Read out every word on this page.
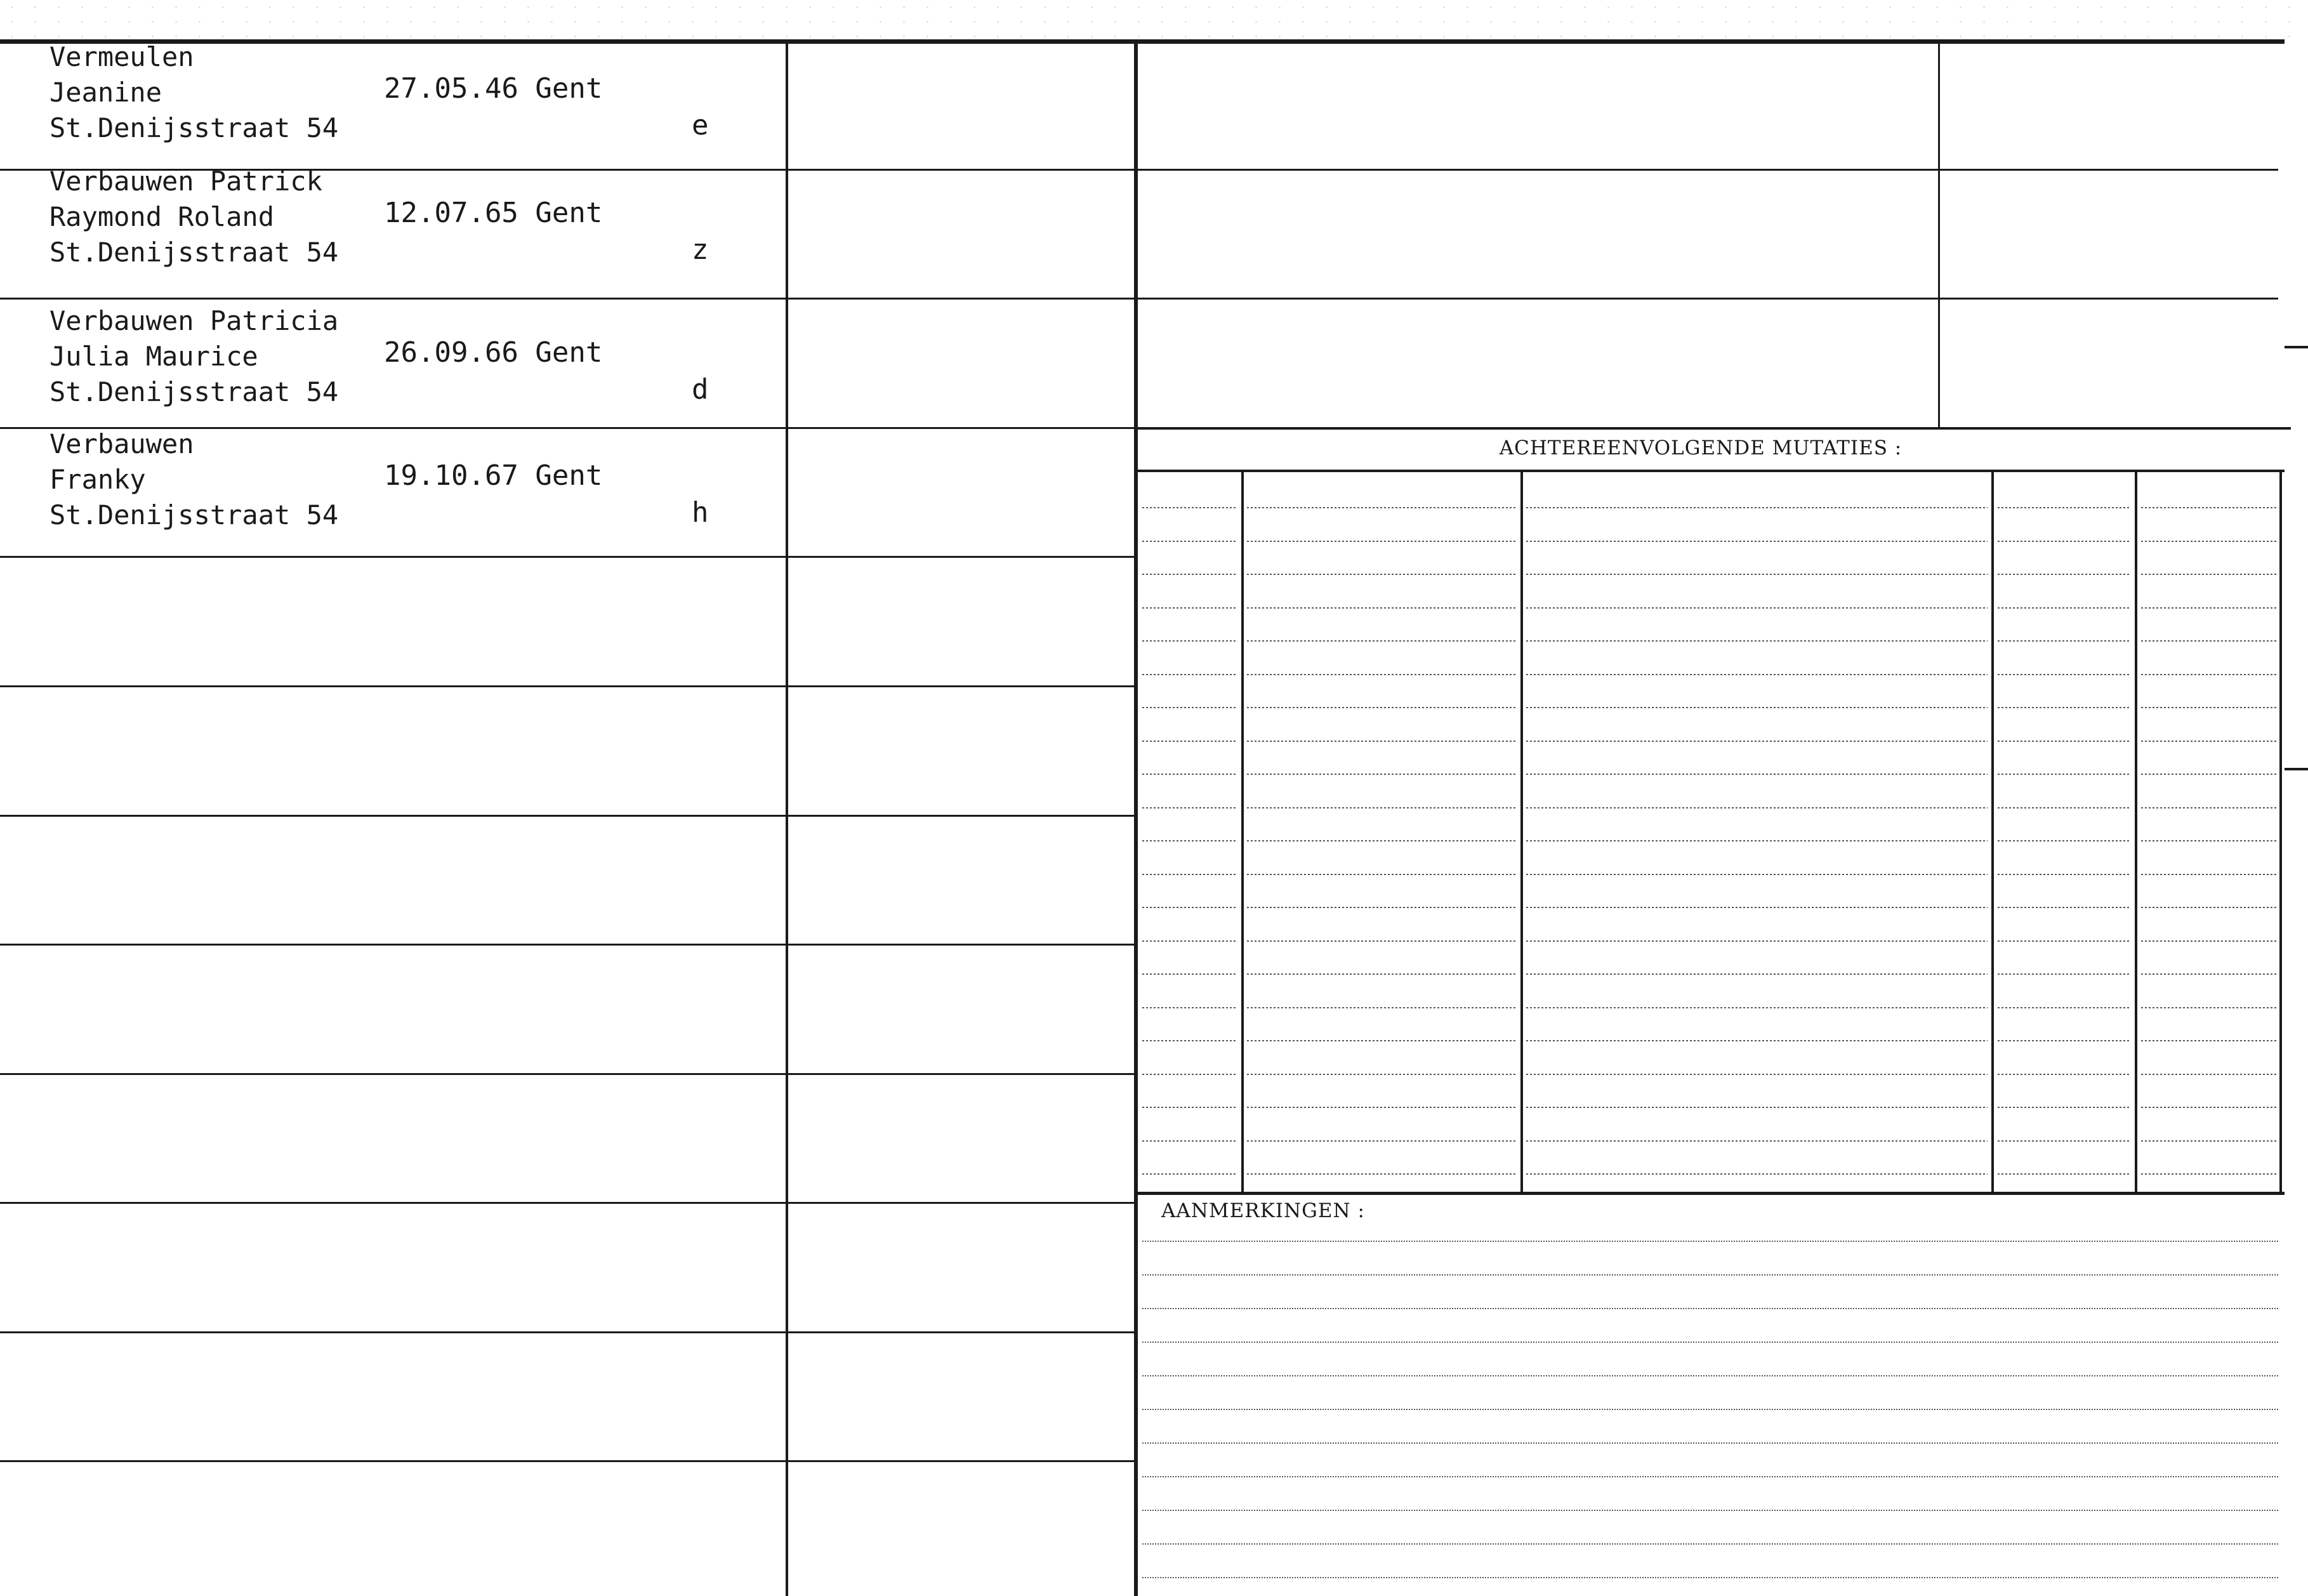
Vermeulen
Jeanine
St.Denijsstraat 54
27.05.46 Gent
e
Verbauwen Patrick
Raymond Roland
St.Denijsstraat 54
12.07.65 Gent
z
Verbauwen Patricia
Julia Maurice
St.Denijsstraat 54
26.09.66 Gent
d
Verbauwen
Franky
St.Denijsstraat 54
19.10.67 Gent
h
ACHTEREENVOLGENDE MUTATIES :
AANMERKINGEN :
